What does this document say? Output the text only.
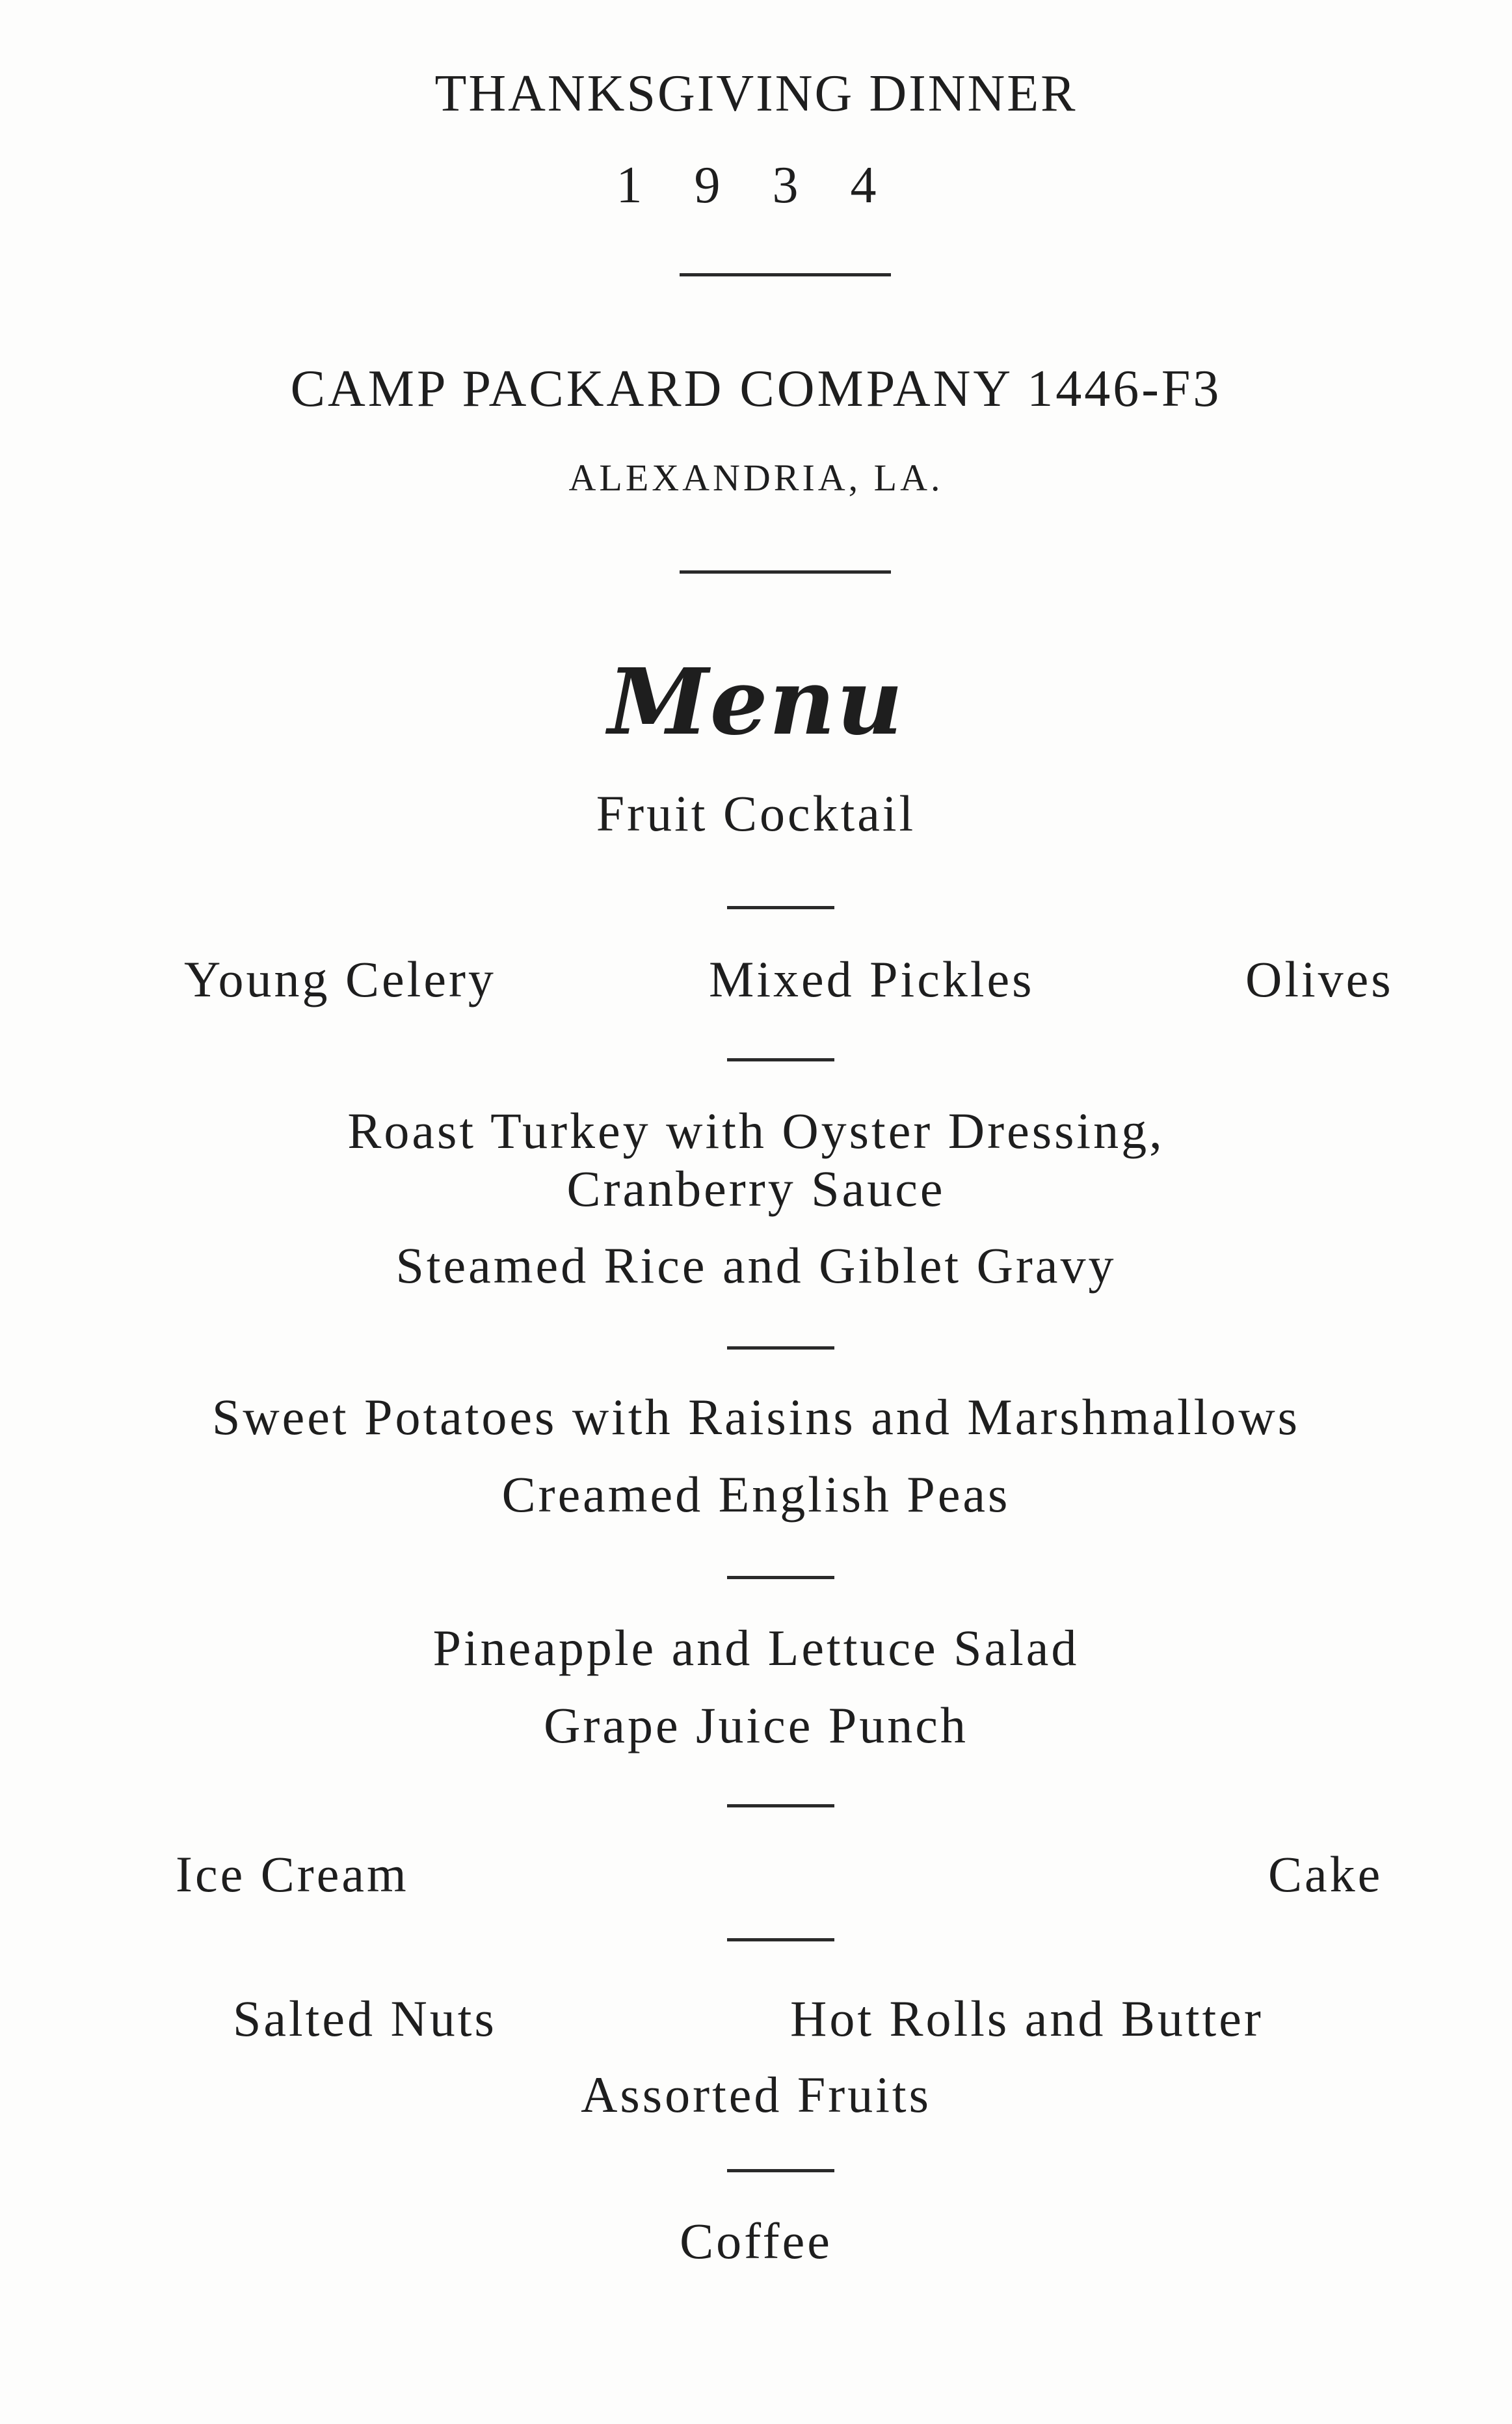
THANKSGIVING DINNER
1 9 3 4
CAMP PACKARD COMPANY 1446-F3
ALEXANDRIA, LA.
Menu
Fruit Cocktail
Young Celery	Mixed Pickles	Olives
Roast Turkey with Oyster Dressing,
Cranberry Sauce
Steamed Rice and Giblet Gravy
Sweet Potatoes with Raisins and Marshmallows
Creamed English Peas
Pineapple and Lettuce Salad
Grape Juice Punch
Ice Cream	Cake
Salted Nuts	Hot Rolls and Butter
Assorted Fruits
Coffee
